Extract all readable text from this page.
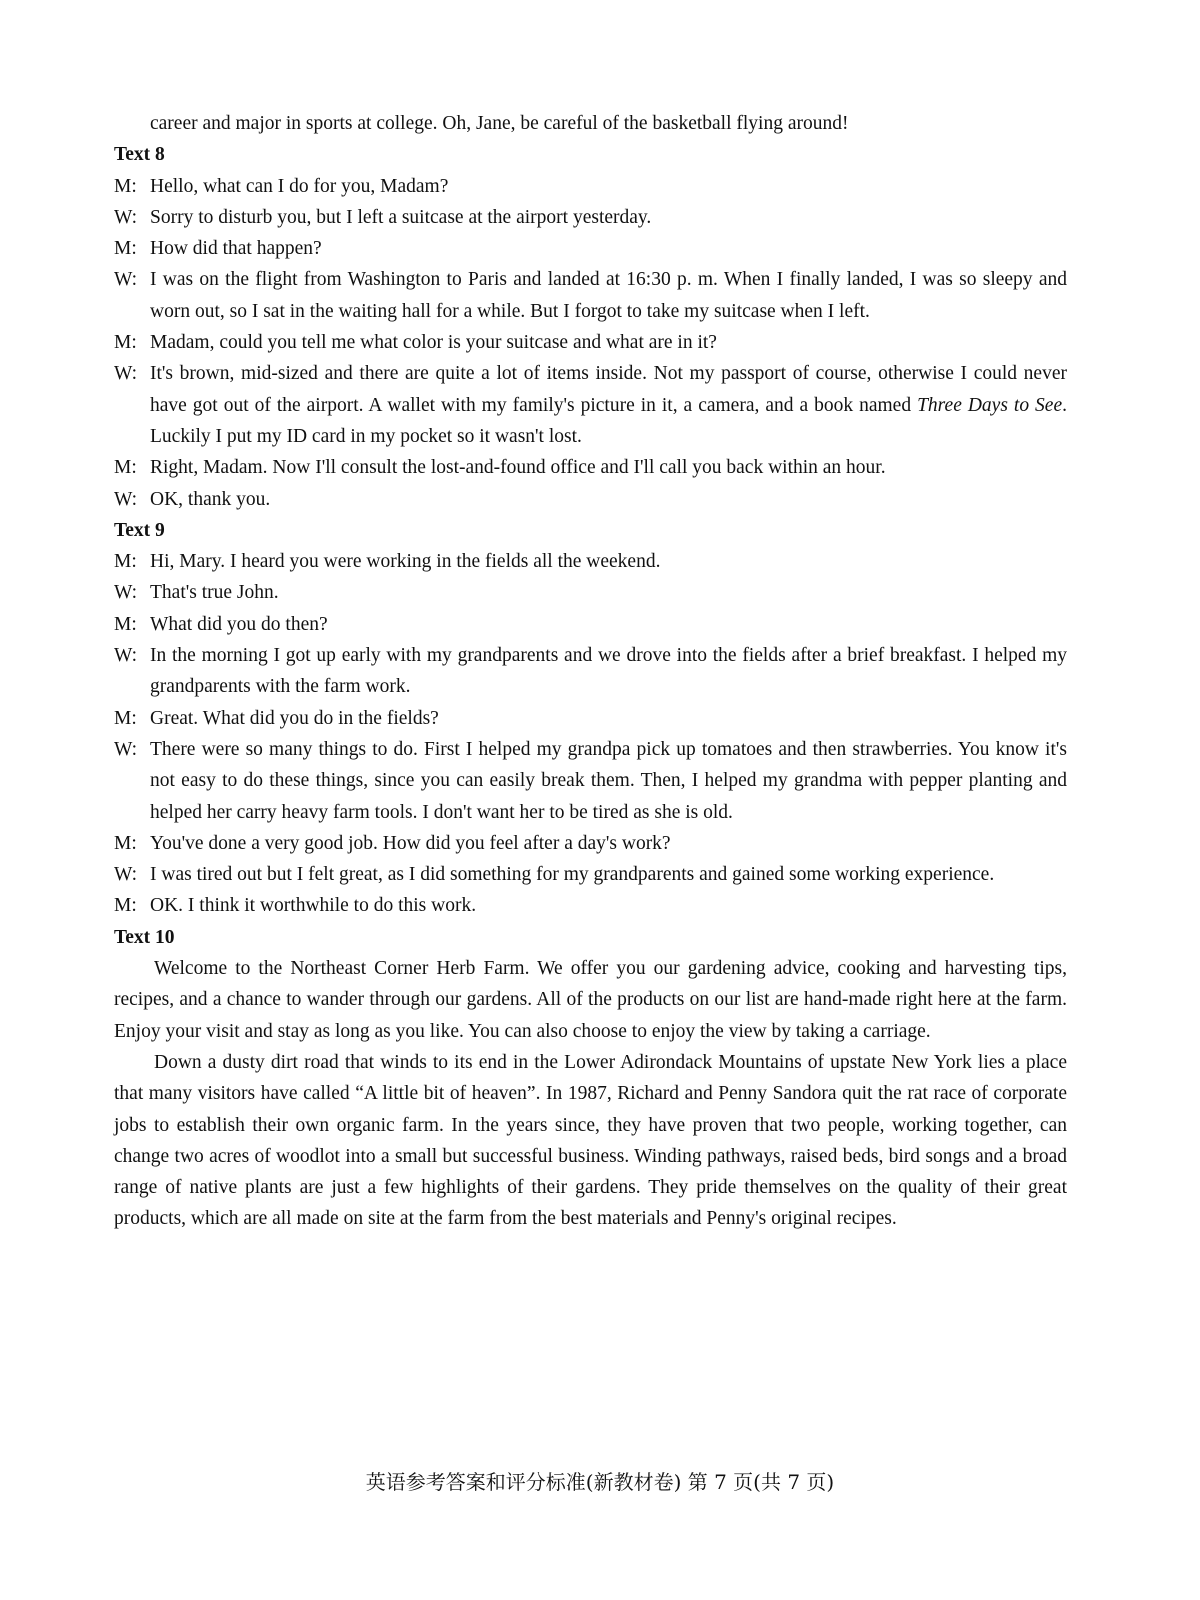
career and major in sports at college. Oh, Jane, be careful of the basketball flying around!

Text 8

M: Hello, what can I do for you, Madam?

W: Sorry to disturb you, but I left a suitcase at the airport yesterday.

M: How did that happen?

W: I was on the flight from Washington to Paris and landed at 16:30 p. m. When I finally landed, I was so sleepy and worn out, so I sat in the waiting hall for a while. But I forgot to take my suitcase when I left.

M: Madam, could you tell me what color is your suitcase and what are in it?

W: It's brown, mid-sized and there are quite a lot of items inside. Not my passport of course, otherwise I could never have got out of the airport. A wallet with my family's picture in it, a camera, and a book named Three Days to See. Luckily I put my ID card in my pocket so it wasn't lost.

M: Right, Madam. Now I'll consult the lost-and-found office and I'll call you back within an hour.

W: OK, thank you.

Text 9

M: Hi, Mary. I heard you were working in the fields all the weekend.

W: That's true John.

M: What did you do then?

W: In the morning I got up early with my grandparents and we drove into the fields after a brief breakfast. I helped my grandparents with the farm work.

M: Great. What did you do in the fields?

W: There were so many things to do. First I helped my grandpa pick up tomatoes and then strawberries. You know it's not easy to do these things, since you can easily break them. Then, I helped my grandma with pepper planting and helped her carry heavy farm tools. I don't want her to be tired as she is old.

M: You've done a very good job. How did you feel after a day's work?

W: I was tired out but I felt great, as I did something for my grandparents and gained some working experience.

M: OK. I think it worthwhile to do this work.

Text 10

Welcome to the Northeast Corner Herb Farm. We offer you our gardening advice, cooking and harvesting tips, recipes, and a chance to wander through our gardens. All of the products on our list are hand-made right here at the farm. Enjoy your visit and stay as long as you like. You can also choose to enjoy the view by taking a carriage.

Down a dusty dirt road that winds to its end in the Lower Adirondack Mountains of upstate New York lies a place that many visitors have called “A little bit of heaven”. In 1987, Richard and Penny Sandora quit the rat race of corporate jobs to establish their own organic farm. In the years since, they have proven that two people, working together, can change two acres of woodlot into a small but successful business. Winding pathways, raised beds, bird songs and a broad range of native plants are just a few highlights of their gardens. They pride themselves on the quality of their great products, which are all made on site at the farm from the best materials and Penny's original recipes.

英语参考答案和评分标准(新教材卷) 第 7 页(共 7 页)
